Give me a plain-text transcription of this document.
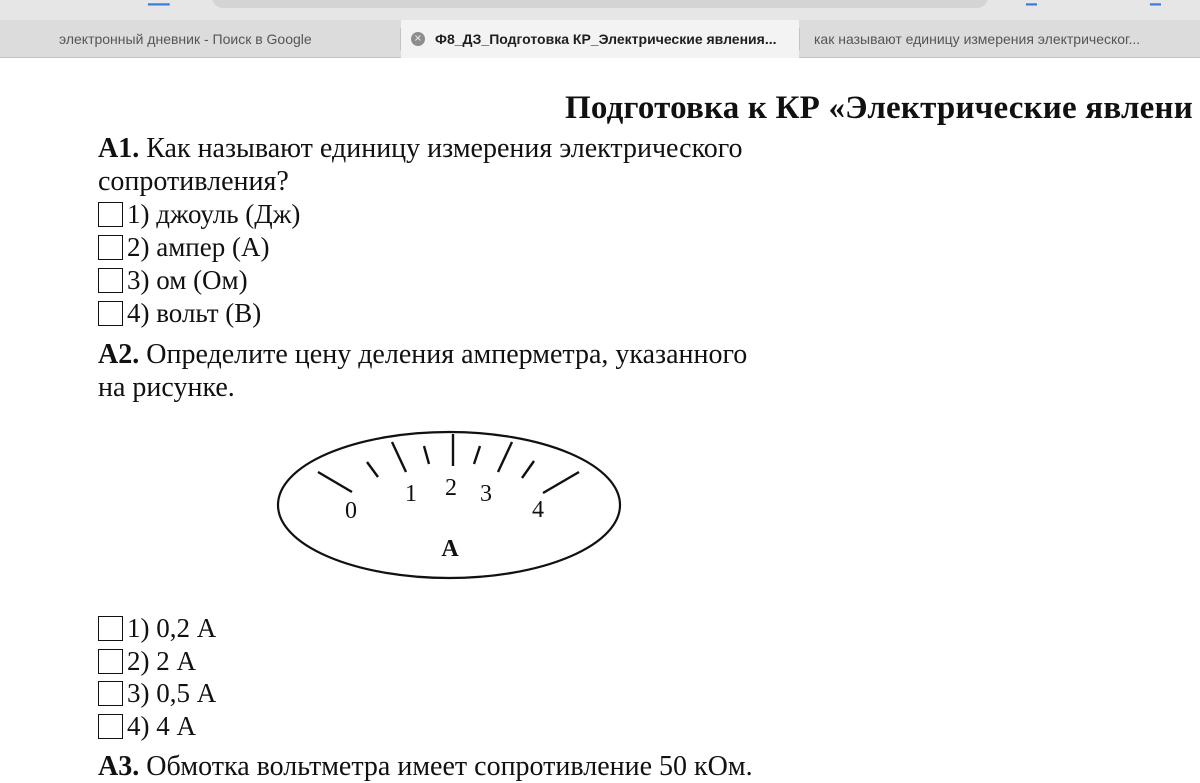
электронный дневник - Поиск в Google	× Ф8_ДЗ_Подготовка КР_Электрические явления...	как называют единицу измерения электрическог...
Подготовка к КР «Электрические явлени
А1. Как называют единицу измерения электрического
сопротивления?
1) джоуль (Дж)
2) ампер (А)
3) ом (Ом)
4) вольт (В)
А2. Определите цену деления амперметра, указанного
на рисунке.
0
1 2 3
4
А
1) 0,2 А
2) 2 А
3) 0,5 А
4) 4 А
А3. Обмотка вольтметра имеет сопротивление 50 кОм.
